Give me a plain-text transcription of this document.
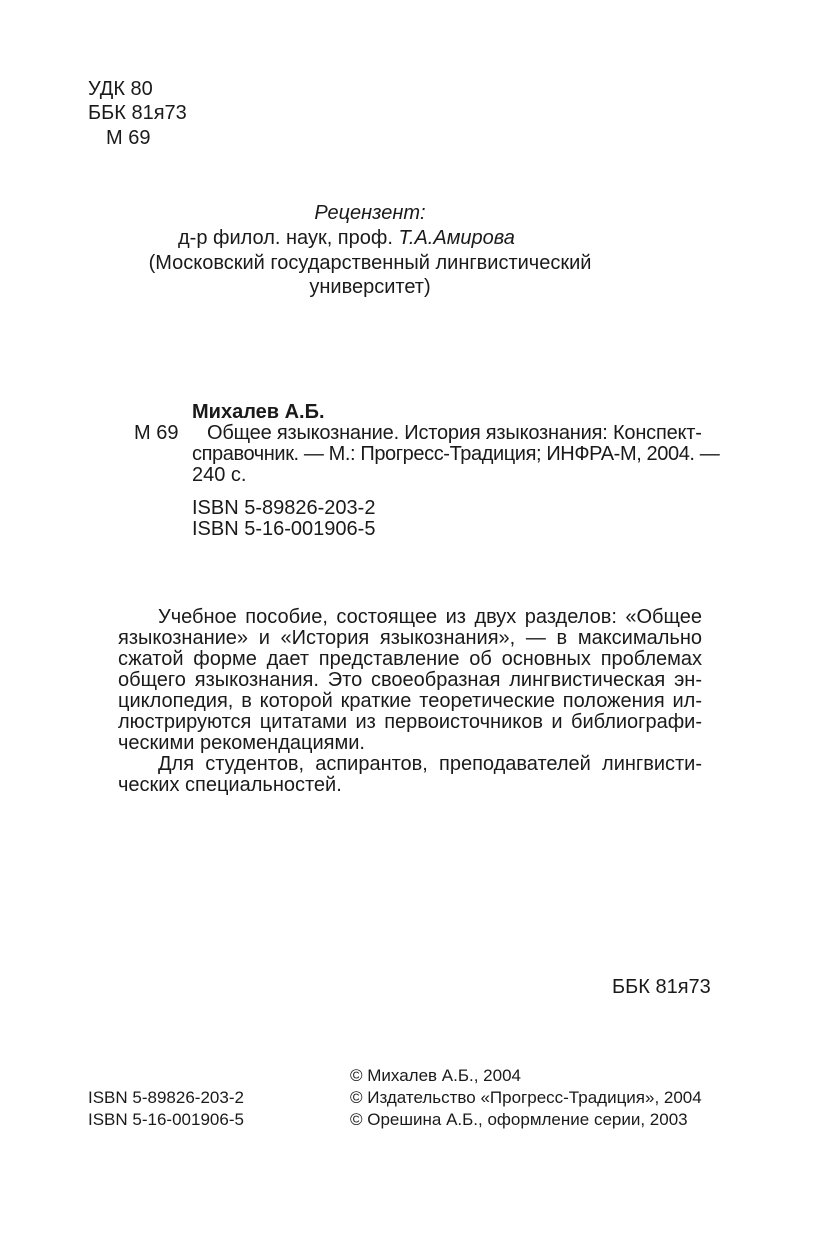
УДК 80
ББК 81я73
М 69
Рецензент:
д-р филол. наук, проф. Т.А.Амирова
(Московский государственный лингвистический
университет)
Михалев А.Б.
М 69 Общее языкознание. История языкознания: Конспект-
справочник. — М.: Прогресс-Традиция; ИНФРА-М, 2004. —
240 с.
ISBN 5-89826-203-2
ISBN 5-16-001906-5
Учебное пособие, состоящее из двух разделов: «Общее
языкознание» и «История языкознания», — в максимально
сжатой форме дает представление об основных проблемах
общего языкознания. Это своеобразная лингвистическая эн-
циклопедия, в которой краткие теоретические положения ил-
люстрируются цитатами из первоисточников и библиографи-
ческими рекомендациями.
Для студентов, аспирантов, преподавателей лингвисти-
ческих специальностей.
ББК 81я73
ISBN 5-89826-203-2
ISBN 5-16-001906-5
© Михалев А.Б., 2004
© Издательство «Прогресс-Традиция», 2004
© Орешина А.Б., оформление серии, 2003
